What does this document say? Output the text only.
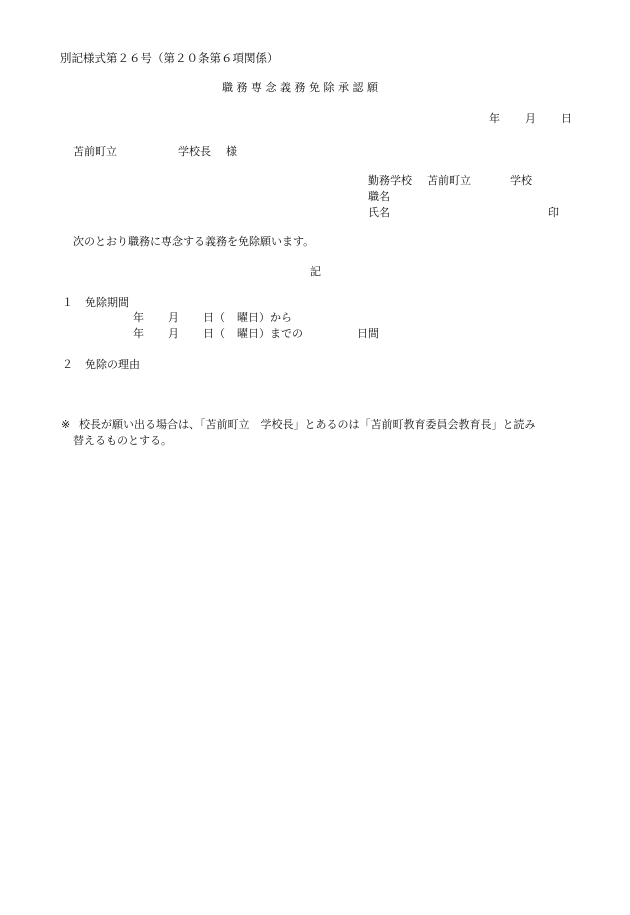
別記様式第２６号（第２０条第６項関係）
職務専念義務免除承認願
年 月 日
苫前町立	学校長 様
勤務学校 苫前町立	学校
職名
氏名	印
次のとおり職務に専念する義務を免除願います。
記
１ 免除期間
年 月 日（ 曜日）から
年 月 日（ 曜日）までの	日間
２ 免除の理由
※ 校長が願い出る場合は、「苫前町立　学校長」とあるのは「苫前町教育委員会教育長」と読み
替えるものとする。
